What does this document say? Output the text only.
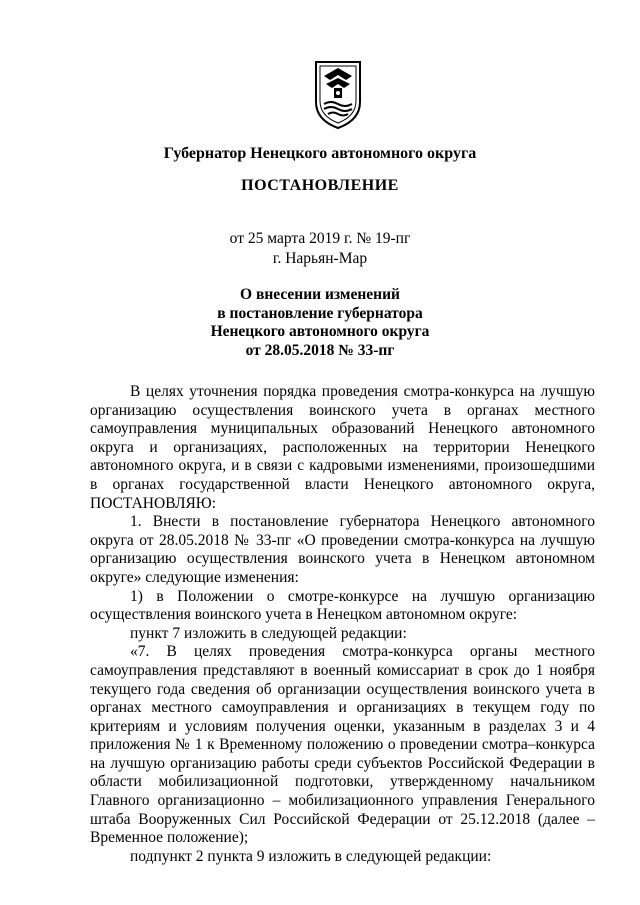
Губернатор Ненецкого автономного округа
ПОСТАНОВЛЕНИЕ
от 25 марта 2019 г. № 19-пг
г. Нарьян-Мар
О внесении изменений
в постановление губернатора
Ненецкого автономного округа
от 28.05.2018 № 33-пг

В целях уточнения порядка проведения смотра-конкурса на лучшую организацию осуществления воинского учета в органах местного самоуправления муниципальных образований Ненецкого автономного округа и организациях, расположенных на территории Ненецкого автономного округа, и в связи с кадровыми изменениями, произошедшими в органах государственной власти Ненецкого автономного округа, ПОСТАНОВЛЯЮ:

1. Внести в постановление губернатора Ненецкого автономного округа от 28.05.2018 № 33-пг «О проведении смотра-конкурса на лучшую организацию осуществления воинского учета в Ненецком автономном округе» следующие изменения:

1) в Положении о смотре-конкурсе на лучшую организацию осуществления воинского учета в Ненецком автономном округе:

пункт 7 изложить в следующей редакции:

«7. В целях проведения смотра-конкурса органы местного самоуправления представляют в военный комиссариат в срок до 1 ноября текущего года сведения об организации осуществления воинского учета в органах местного самоуправления и организациях в текущем году по критериям и условиям получения оценки, указанным в разделах 3 и 4 приложения № 1 к Временному положению о проведении смотра–конкурса на лучшую организацию работы среди субъектов Российской Федерации в области мобилизационной подготовки, утвержденному начальником Главного организационно – мобилизационного управления Генерального штаба Вооруженных Сил Российской Федерации от 25.12.2018 (далее – Временное положение);

подпункт 2 пункта 9 изложить в следующей редакции:
